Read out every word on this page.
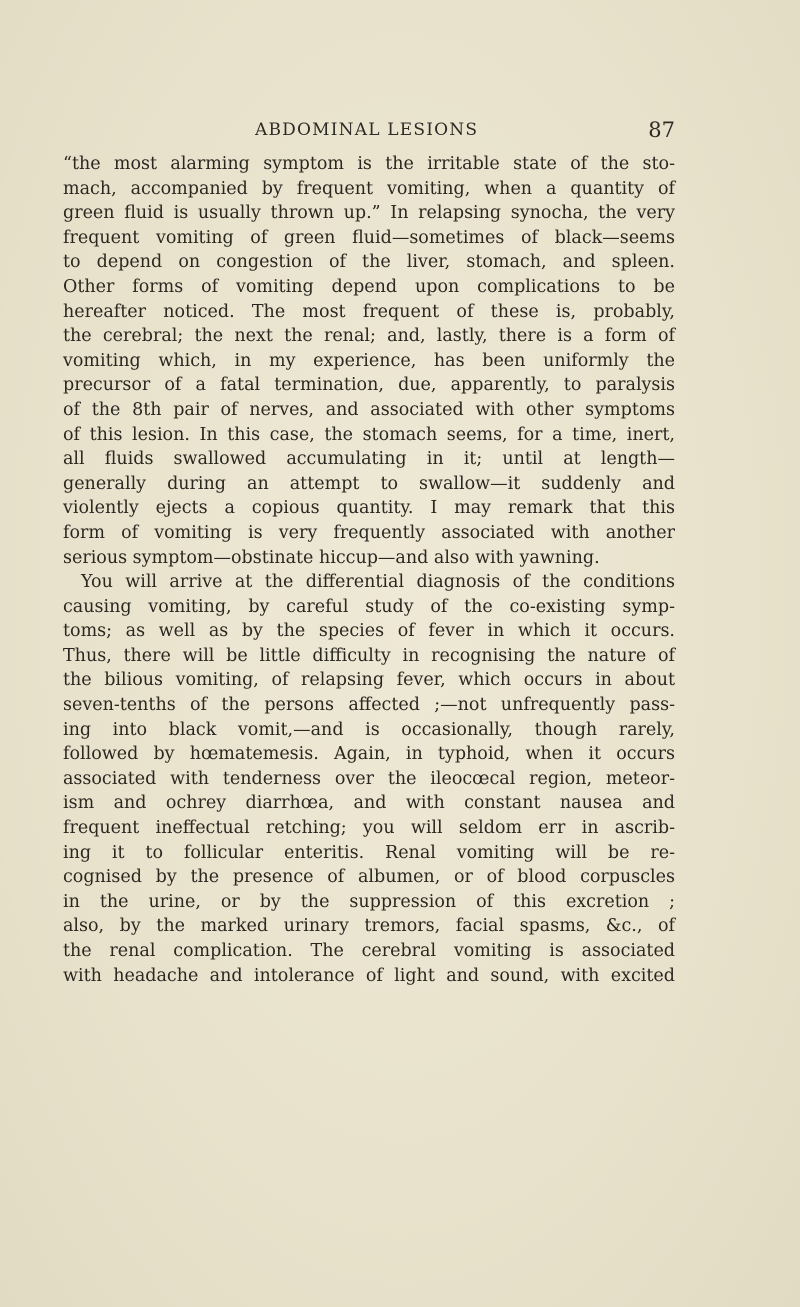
ABDOMINAL LESIONS	87
“the most alarming symptom is the irritable state of the sto-
mach, accompanied by frequent vomiting, when a quantity of
green fluid is usually thrown up.” In relapsing synocha, the very
frequent vomiting of green fluid—sometimes of black—seems
to depend on congestion of the liver, stomach, and spleen.
Other forms of vomiting depend upon complications to be
hereafter noticed. The most frequent of these is, probably,
the cerebral; the next the renal; and, lastly, there is a form of
vomiting which, in my experience, has been uniformly the
precursor of a fatal termination, due, apparently, to paralysis
of the 8th pair of nerves, and associated with other symptoms
of this lesion. In this case, the stomach seems, for a time, inert,
all fluids swallowed accumulating in it; until at length—
generally during an attempt to swallow—it suddenly and
violently ejects a copious quantity. I may remark that this
form of vomiting is very frequently associated with another
serious symptom—obstinate hiccup—and also with yawning.
You will arrive at the differential diagnosis of the conditions
causing vomiting, by careful study of the co-existing symp-
toms; as well as by the species of fever in which it occurs.
Thus, there will be little difficulty in recognising the nature of
the bilious vomiting, of relapsing fever, which occurs in about
seven-tenths of the persons affected ;—not unfrequently pass-
ing into black vomit,—and is occasionally, though rarely,
followed by hœmatemesis. Again, in typhoid, when it occurs
associated with tenderness over the ileocœcal region, meteor-
ism and ochrey diarrhœa, and with constant nausea and
frequent ineffectual retching; you will seldom err in ascrib-
ing it to follicular enteritis. Renal vomiting will be re-
cognised by the presence of albumen, or of blood corpuscles
in the urine, or by the suppression of this excretion ;
also, by the marked urinary tremors, facial spasms, &c., of
the renal complication. The cerebral vomiting is associated
with headache and intolerance of light and sound, with excited
